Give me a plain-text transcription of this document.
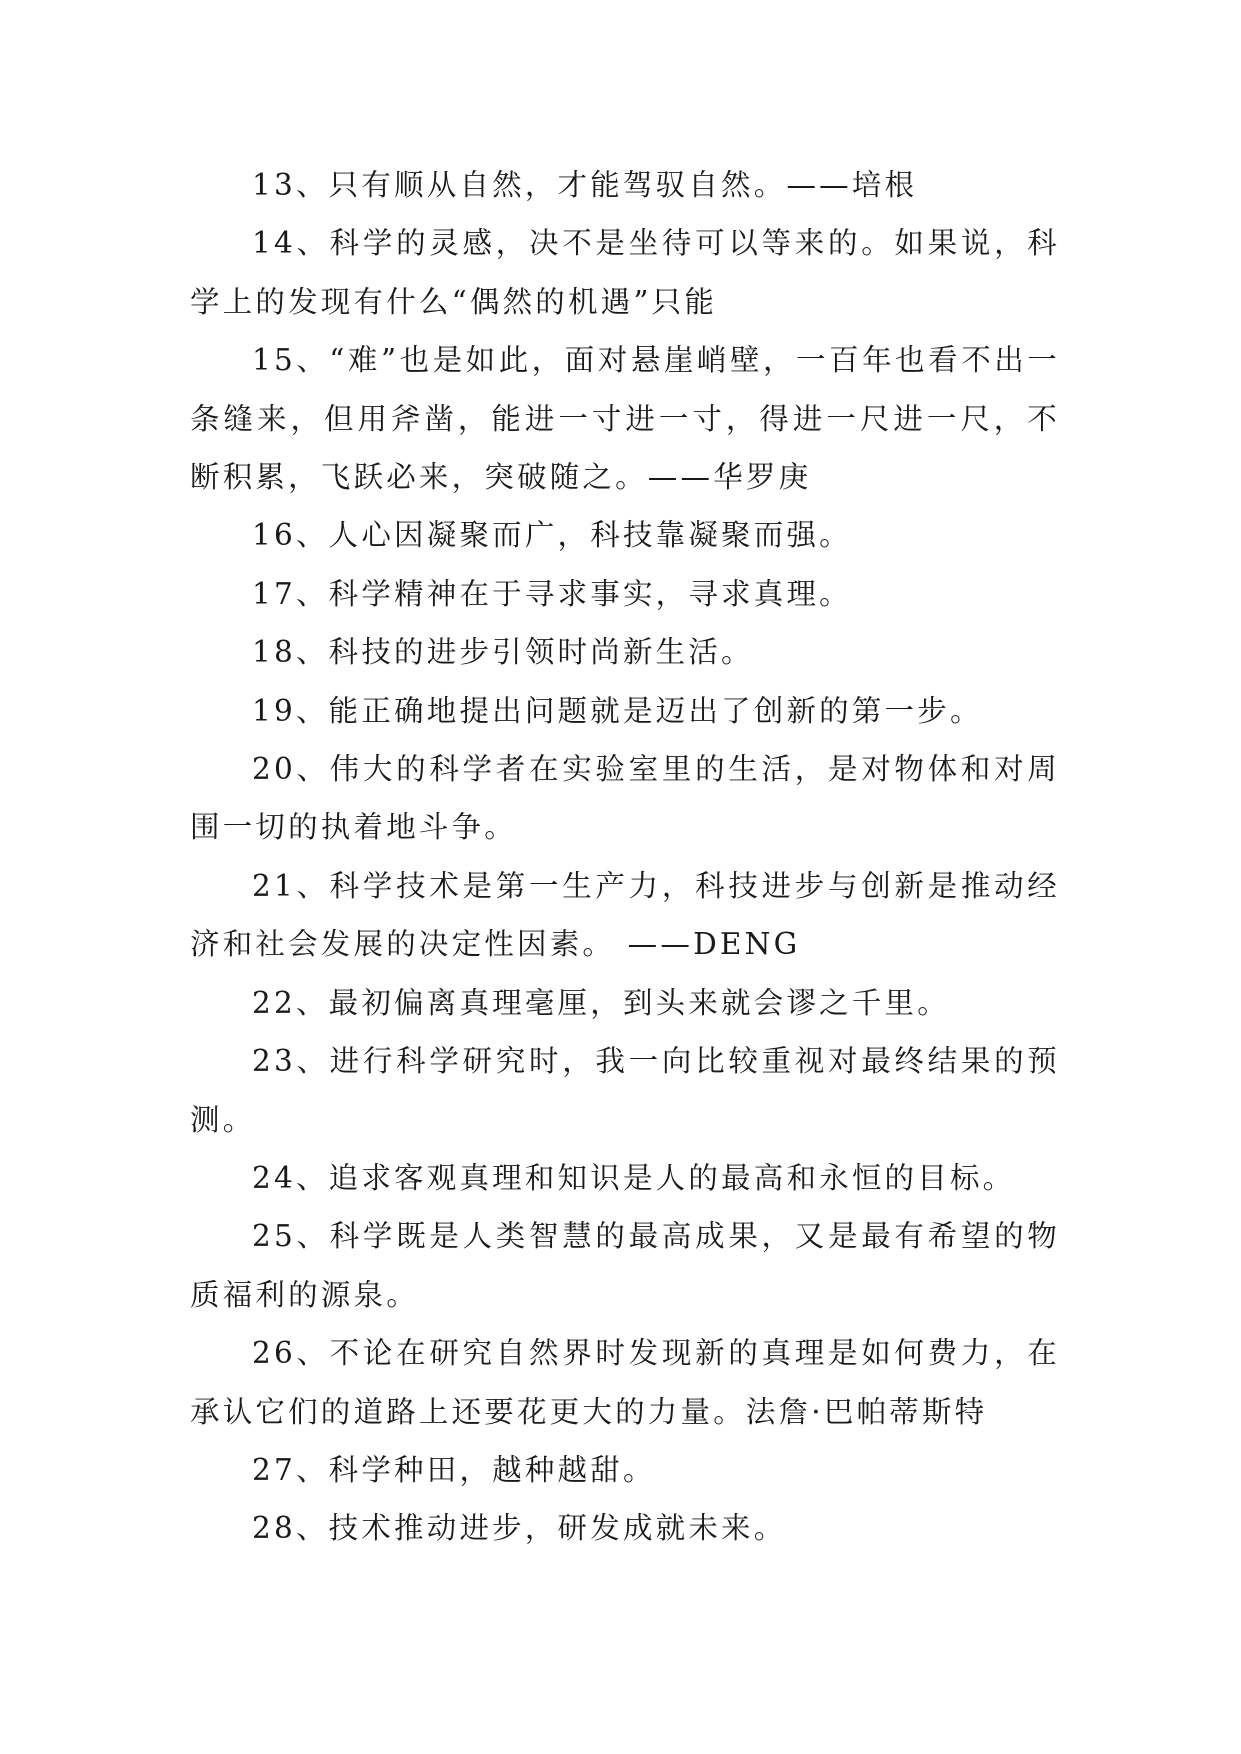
13、只有顺从自然，才能驾驭自然。——培根

14、科学的灵感，决不是坐待可以等来的。如果说，科学上的发现有什么“偶然的机遇”只能

15、“难”也是如此，面对悬崖峭壁，一百年也看不出一条缝来，但用斧凿，能进一寸进一寸，得进一尺进一尺，不断积累，飞跃必来，突破随之。——华罗庚

16、人心因凝聚而广，科技靠凝聚而强。

17、科学精神在于寻求事实，寻求真理。

18、科技的进步引领时尚新生活。

19、能正确地提出问题就是迈出了创新的第一步。

20、伟大的科学者在实验室里的生活，是对物体和对周围一切的执着地斗争。

21、科学技术是第一生产力，科技进步与创新是推动经济和社会发展的决定性因素。 ——DENG

22、最初偏离真理毫厘，到头来就会谬之千里。

23、进行科学研究时，我一向比较重视对最终结果的预测。

24、追求客观真理和知识是人的最高和永恒的目标。

25、科学既是人类智慧的最高成果，又是最有希望的物质福利的源泉。

26、不论在研究自然界时发现新的真理是如何费力，在承认它们的道路上还要花更大的力量。法詹·巴帕蒂斯特

27、科学种田，越种越甜。

28、技术推动进步，研发成就未来。
